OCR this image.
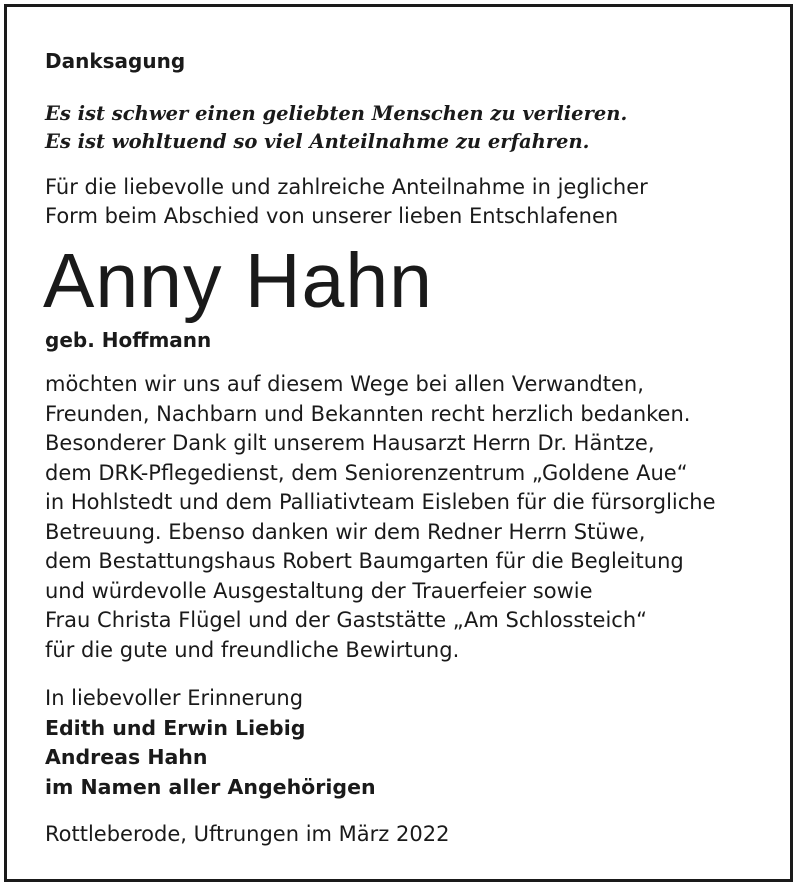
Danksagung
Es ist schwer einen geliebten Menschen zu verlieren.
Es ist wohltuend so viel Anteilnahme zu erfahren.
Für die liebevolle und zahlreiche Anteilnahme in jeglicher
Form beim Abschied von unserer lieben Entschlafenen
Anny Hahn
geb. Hoffmann
möchten wir uns auf diesem Wege bei allen Verwandten,
Freunden, Nachbarn und Bekannten recht herzlich bedanken.
Besonderer Dank gilt unserem Hausarzt Herrn Dr. Häntze,
dem DRK-Pflegedienst, dem Seniorenzentrum „Goldene Aue“
in Hohlstedt und dem Palliativteam Eisleben für die fürsorgliche
Betreuung. Ebenso danken wir dem Redner Herrn Stüwe,
dem Bestattungshaus Robert Baumgarten für die Begleitung
und würdevolle Ausgestaltung der Trauerfeier sowie
Frau Christa Flügel und der Gaststätte „Am Schlossteich“
für die gute und freundliche Bewirtung.
In liebevoller Erinnerung
Edith und Erwin Liebig
Andreas Hahn
im Namen aller Angehörigen
Rottleberode, Uftrungen im März 2022
